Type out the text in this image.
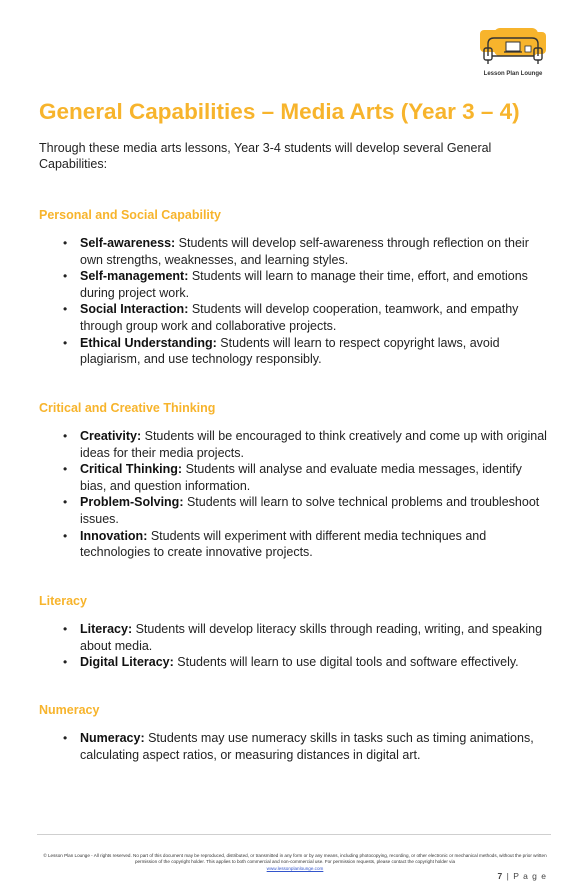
Lesson Plan Lounge
General Capabilities – Media Arts (Year 3 – 4)

Through these media arts lessons, Year 3-4 students will develop several General Capabilities:

Personal and Social Capability
• Self-awareness: Students will develop self-awareness through reflection on their own strengths, weaknesses, and learning styles.
• Self-management: Students will learn to manage their time, effort, and emotions during project work.
• Social Interaction: Students will develop cooperation, teamwork, and empathy through group work and collaborative projects.
• Ethical Understanding: Students will learn to respect copyright laws, avoid plagiarism, and use technology responsibly.
Critical and Creative Thinking
• Creativity: Students will be encouraged to think creatively and come up with original ideas for their media projects.
• Critical Thinking: Students will analyse and evaluate media messages, identify bias, and question information.
• Problem-Solving: Students will learn to solve technical problems and troubleshoot issues.
• Innovation: Students will experiment with different media techniques and technologies to create innovative projects.
Literacy
• Literacy: Students will develop literacy skills through reading, writing, and speaking about media.
• Digital Literacy: Students will learn to use digital tools and software effectively.
Numeracy
• Numeracy: Students may use numeracy skills in tasks such as timing animations, calculating aspect ratios, or measuring distances in digital art.
© Lesson Plan Lounge - All rights reserved. No part of this document may be reproduced, distributed, or transmitted in any form or by any means, including photocopying, recording, or other electronic or mechanical methods, without the prior written permission of the copyright holder. This applies to both commercial and non-commercial use. For permission requests, please contact the copyright holder via
www.lessonplanlounge.com
7 | P a g e
